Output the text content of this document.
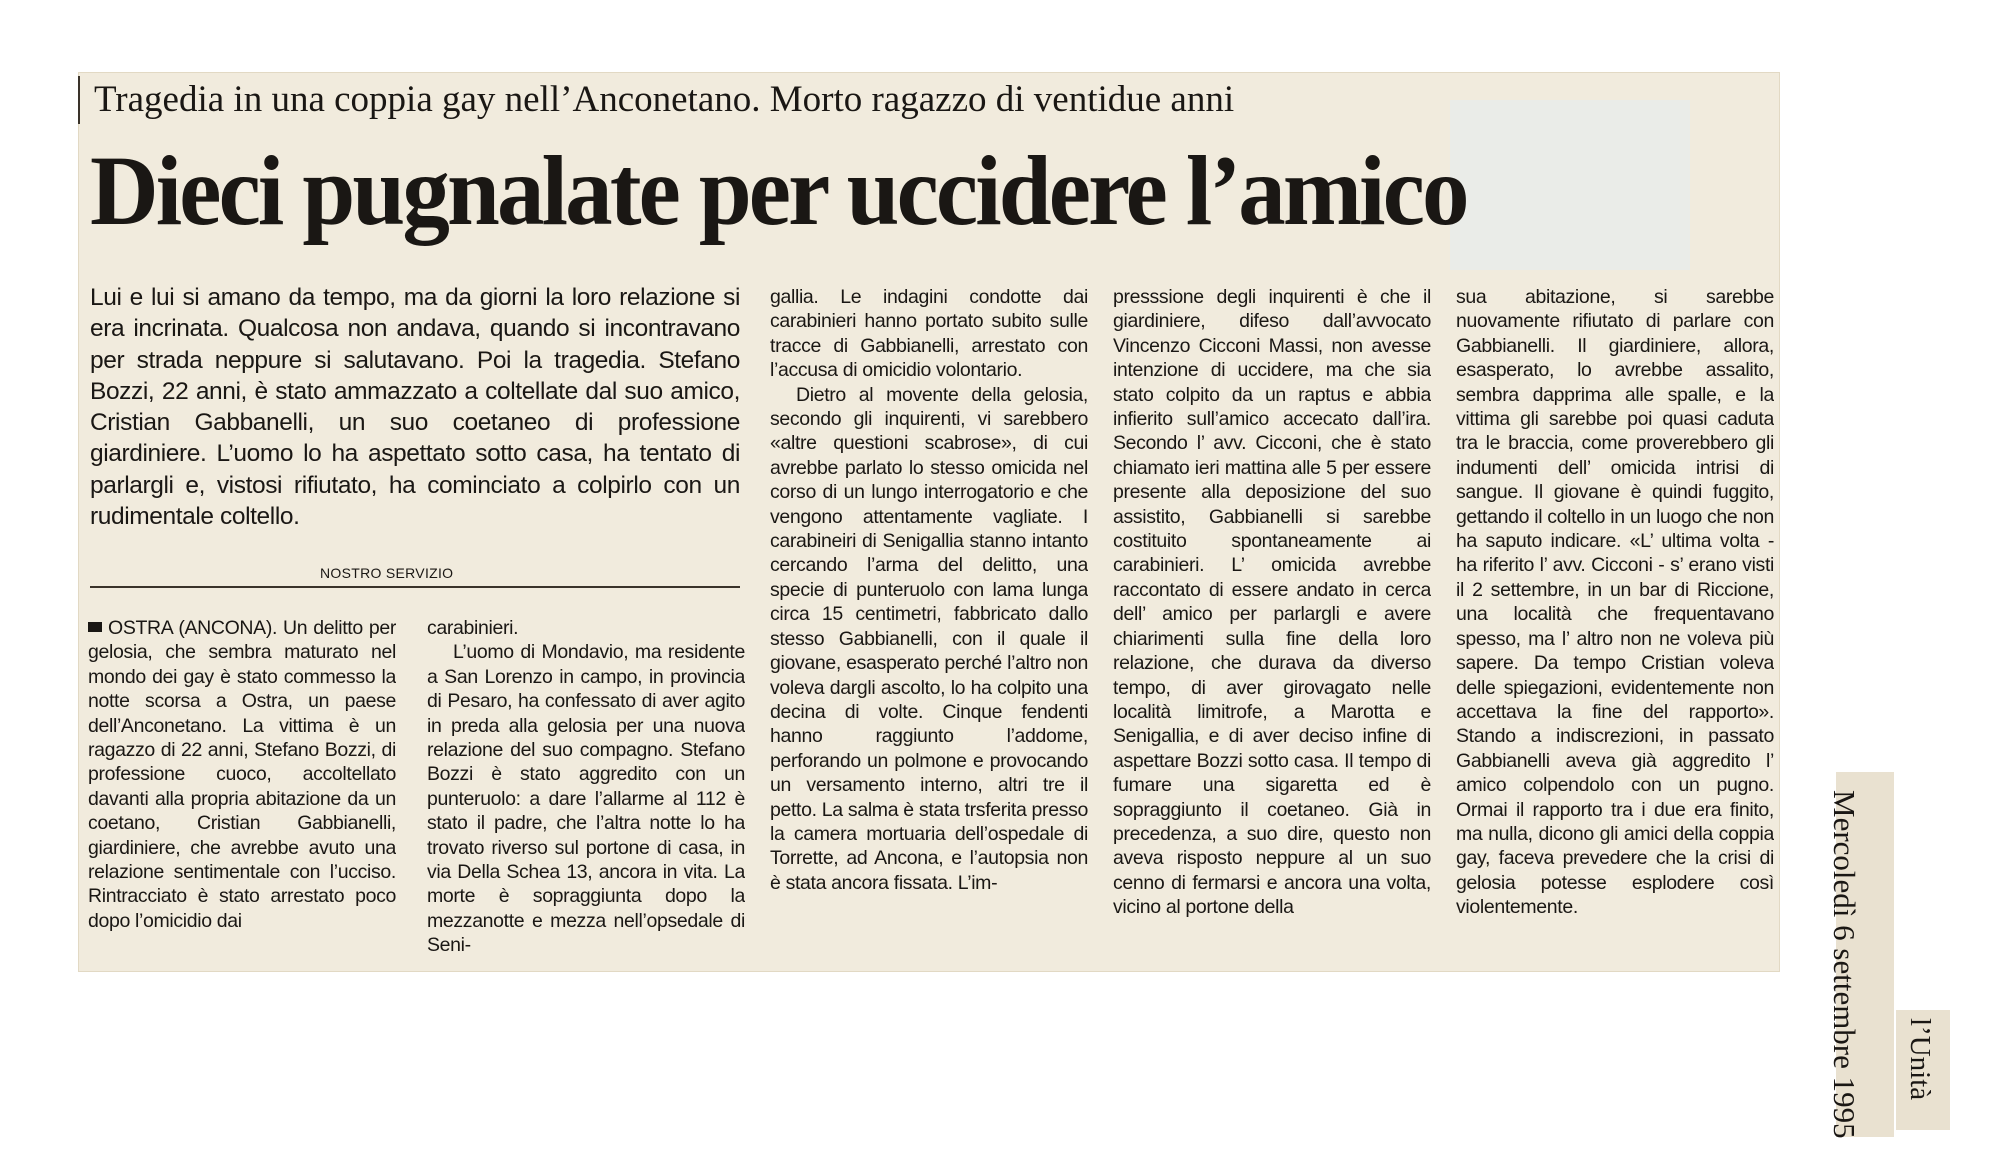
Tragedia in una coppia gay nell’Anconetano. Morto ragazzo di ventidue anni
Dieci pugnalate per uccidere l’amico
Lui e lui si amano da tempo, ma da giorni la loro relazione si era incrinata. Qualcosa non andava, quando si incontravano per strada neppure si salutavano. Poi la tragedia. Stefano Bozzi, 22 anni, è stato ammazzato a coltellate dal suo amico, Cristian Gabbanelli, un suo coetaneo di professione giardiniere. L’uomo lo ha aspettato sotto casa, ha tentato di parlargli e, vistosi rifiutato, ha cominciato a colpirlo con un rudimentale coltello.
NOSTRO SERVIZIO

OSTRA (ANCONA). Un delitto per gelosia, che sembra maturato nel mondo dei gay è stato commesso la notte scorsa a Ostra, un paese dell’Anconetano. La vittima è un ragazzo di 22 anni, Stefano Bozzi, di professione cuoco, accoltellato davanti alla propria abitazione da un coetano, Cristian Gabbianelli, giardiniere, che avrebbe avuto una relazione sentimentale con l’ucciso. Rintracciato è stato arrestato poco dopo l’omicidio dai

carabinieri.

L’uomo di Mondavio, ma residente a San Lorenzo in campo, in provincia di Pesaro, ha confessato di aver agito in preda alla gelosia per una nuova relazione del suo compagno. Stefano Bozzi è stato aggredito con un punteruolo: a dare l’allarme al 112 è stato il padre, che l’altra notte lo ha trovato riverso sul portone di casa, in via Della Schea 13, ancora in vita. La morte è sopraggiunta dopo la mezzanotte e mezza nell’opsedale di Seni-

gallia. Le indagini condotte dai carabinieri hanno portato subito sulle tracce di Gabbianelli, arrestato con l’accusa di omicidio volontario.

Dietro al movente della gelosia, secondo gli inquirenti, vi sarebbero «altre questioni scabrose», di cui avrebbe parlato lo stesso omicida nel corso di un lungo interrogatorio e che vengono attentamente vagliate. I carabineiri di Senigallia stanno intanto cercando l’arma del delitto, una specie di punteruolo con lama lunga circa 15 centimetri, fabbricato dallo stesso Gabbianelli, con il quale il giovane, esasperato perché l’altro non voleva dargli ascolto, lo ha colpito una decina di volte. Cinque fendenti hanno raggiunto l’addome, perforando un polmone e provocando un versamento interno, altri tre il petto. La salma è stata trsferita presso la camera mortuaria dell’ospedale di Torrette, ad Ancona, e l’autopsia non è stata ancora fissata. L’im-

presssione degli inquirenti è che il giardiniere, difeso dall’avvocato Vincenzo Cicconi Massi, non avesse intenzione di uccidere, ma che sia stato colpito da un raptus e abbia infierito sull’amico accecato dall’ira. Secondo l’ avv. Cicconi, che è stato chiamato ieri mattina alle 5 per essere presente alla deposizione del suo assistito, Gabbianelli si sarebbe costituito spontaneamente ai carabinieri. L’ omicida avrebbe raccontato di essere andato in cerca dell’ amico per parlargli e avere chiarimenti sulla fine della loro relazione, che durava da diverso tempo, di aver girovagato nelle località limitrofe, a Marotta e Senigallia, e di aver deciso infine di aspettare Bozzi sotto casa. Il tempo di fumare una sigaretta ed è sopraggiunto il coetaneo. Già in precedenza, a suo dire, questo non aveva risposto neppure al un suo cenno di fermarsi e ancora una volta, vicino al portone della

sua abitazione, si sarebbe nuovamente rifiutato di parlare con Gabbianelli. Il giardiniere, allora, esasperato, lo avrebbe assalito, sembra dapprima alle spalle, e la vittima gli sarebbe poi quasi caduta tra le braccia, come proverebbero gli indumenti dell’ omicida intrisi di sangue. Il giovane è quindi fuggito, gettando il coltello in un luogo che non ha saputo indicare. «L’ ultima volta - ha riferito l’ avv. Cicconi - s’ erano visti il 2 settembre, in un bar di Riccione, una località che frequentavano spesso, ma l’ altro non ne voleva più sapere. Da tempo Cristian voleva delle spiegazioni, evidentemente non accettava la fine del rapporto». Stando a indiscrezioni, in passato Gabbianelli aveva già aggredito l’ amico colpendolo con un pugno. Ormai il rapporto tra i due era finito, ma nulla, dicono gli amici della coppia gay, faceva prevedere che la crisi di gelosia potesse esplodere così violentemente.	Mercoledì 6 settembre 1995 l’Unità
